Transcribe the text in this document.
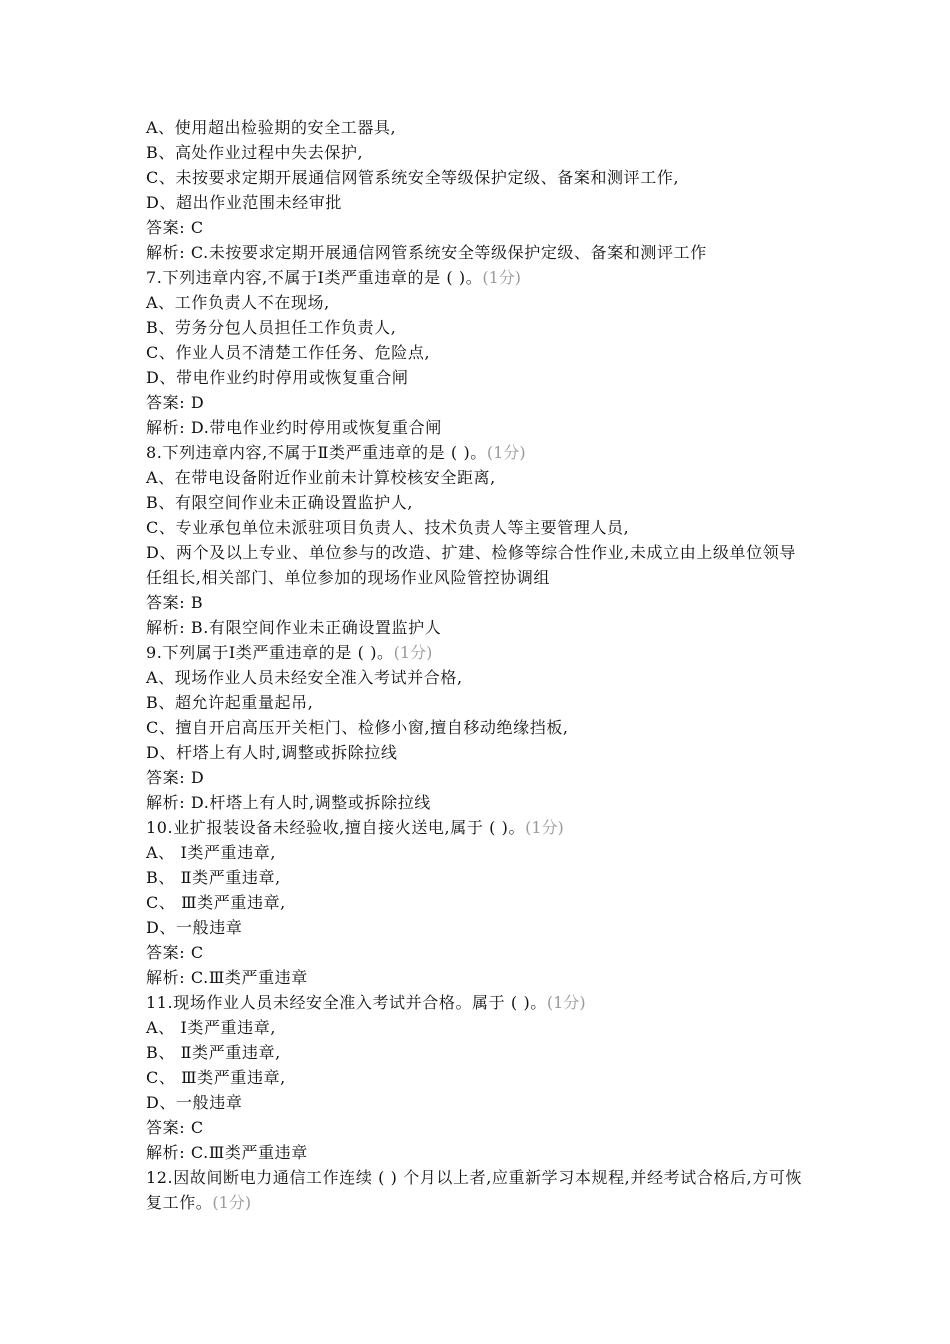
A、使用超出检验期的安全工器具,
B、高处作业过程中失去保护,
C、未按要求定期开展通信网管系统安全等级保护定级、备案和测评工作,
D、超出作业范围未经审批
答案: C
解析: C.未按要求定期开展通信网管系统安全等级保护定级、备案和测评工作
7.下列违章内容,不属于Ⅰ类严重违章的是 ( )。(1分)
A、工作负责人不在现场,
B、劳务分包人员担任工作负责人,
C、作业人员不清楚工作任务、危险点,
D、带电作业约时停用或恢复重合闸
答案: D
解析: D.带电作业约时停用或恢复重合闸
8.下列违章内容,不属于Ⅱ类严重违章的是 ( )。(1分)
A、在带电设备附近作业前未计算校核安全距离,
B、有限空间作业未正确设置监护人,
C、专业承包单位未派驻项目负责人、技术负责人等主要管理人员,
D、两个及以上专业、单位参与的改造、扩建、检修等综合性作业,未成立由上级单位领导任组长,相关部门、单位参加的现场作业风险管控协调组
答案: B
解析: B.有限空间作业未正确设置监护人
9.下列属于Ⅰ类严重违章的是 ( )。(1分)
A、现场作业人员未经安全准入考试并合格,
B、超允许起重量起吊,
C、擅自开启高压开关柜门、检修小窗,擅自移动绝缘挡板,
D、杆塔上有人时,调整或拆除拉线
答案: D
解析: D.杆塔上有人时,调整或拆除拉线
10.业扩报装设备未经验收,擅自接火送电,属于 ( )。(1分)
A、 Ⅰ类严重违章,
B、 Ⅱ类严重违章,
C、 Ⅲ类严重违章,
D、一般违章
答案: C
解析: C.Ⅲ类严重违章
11.现场作业人员未经安全准入考试并合格。属于 ( )。(1分)
A、 Ⅰ类严重违章,
B、 Ⅱ类严重违章,
C、 Ⅲ类严重违章,
D、一般违章
答案: C
解析: C.Ⅲ类严重违章
12.因故间断电力通信工作连续 ( ) 个月以上者,应重新学习本规程,并经考试合格后,方可恢复工作。(1分)
